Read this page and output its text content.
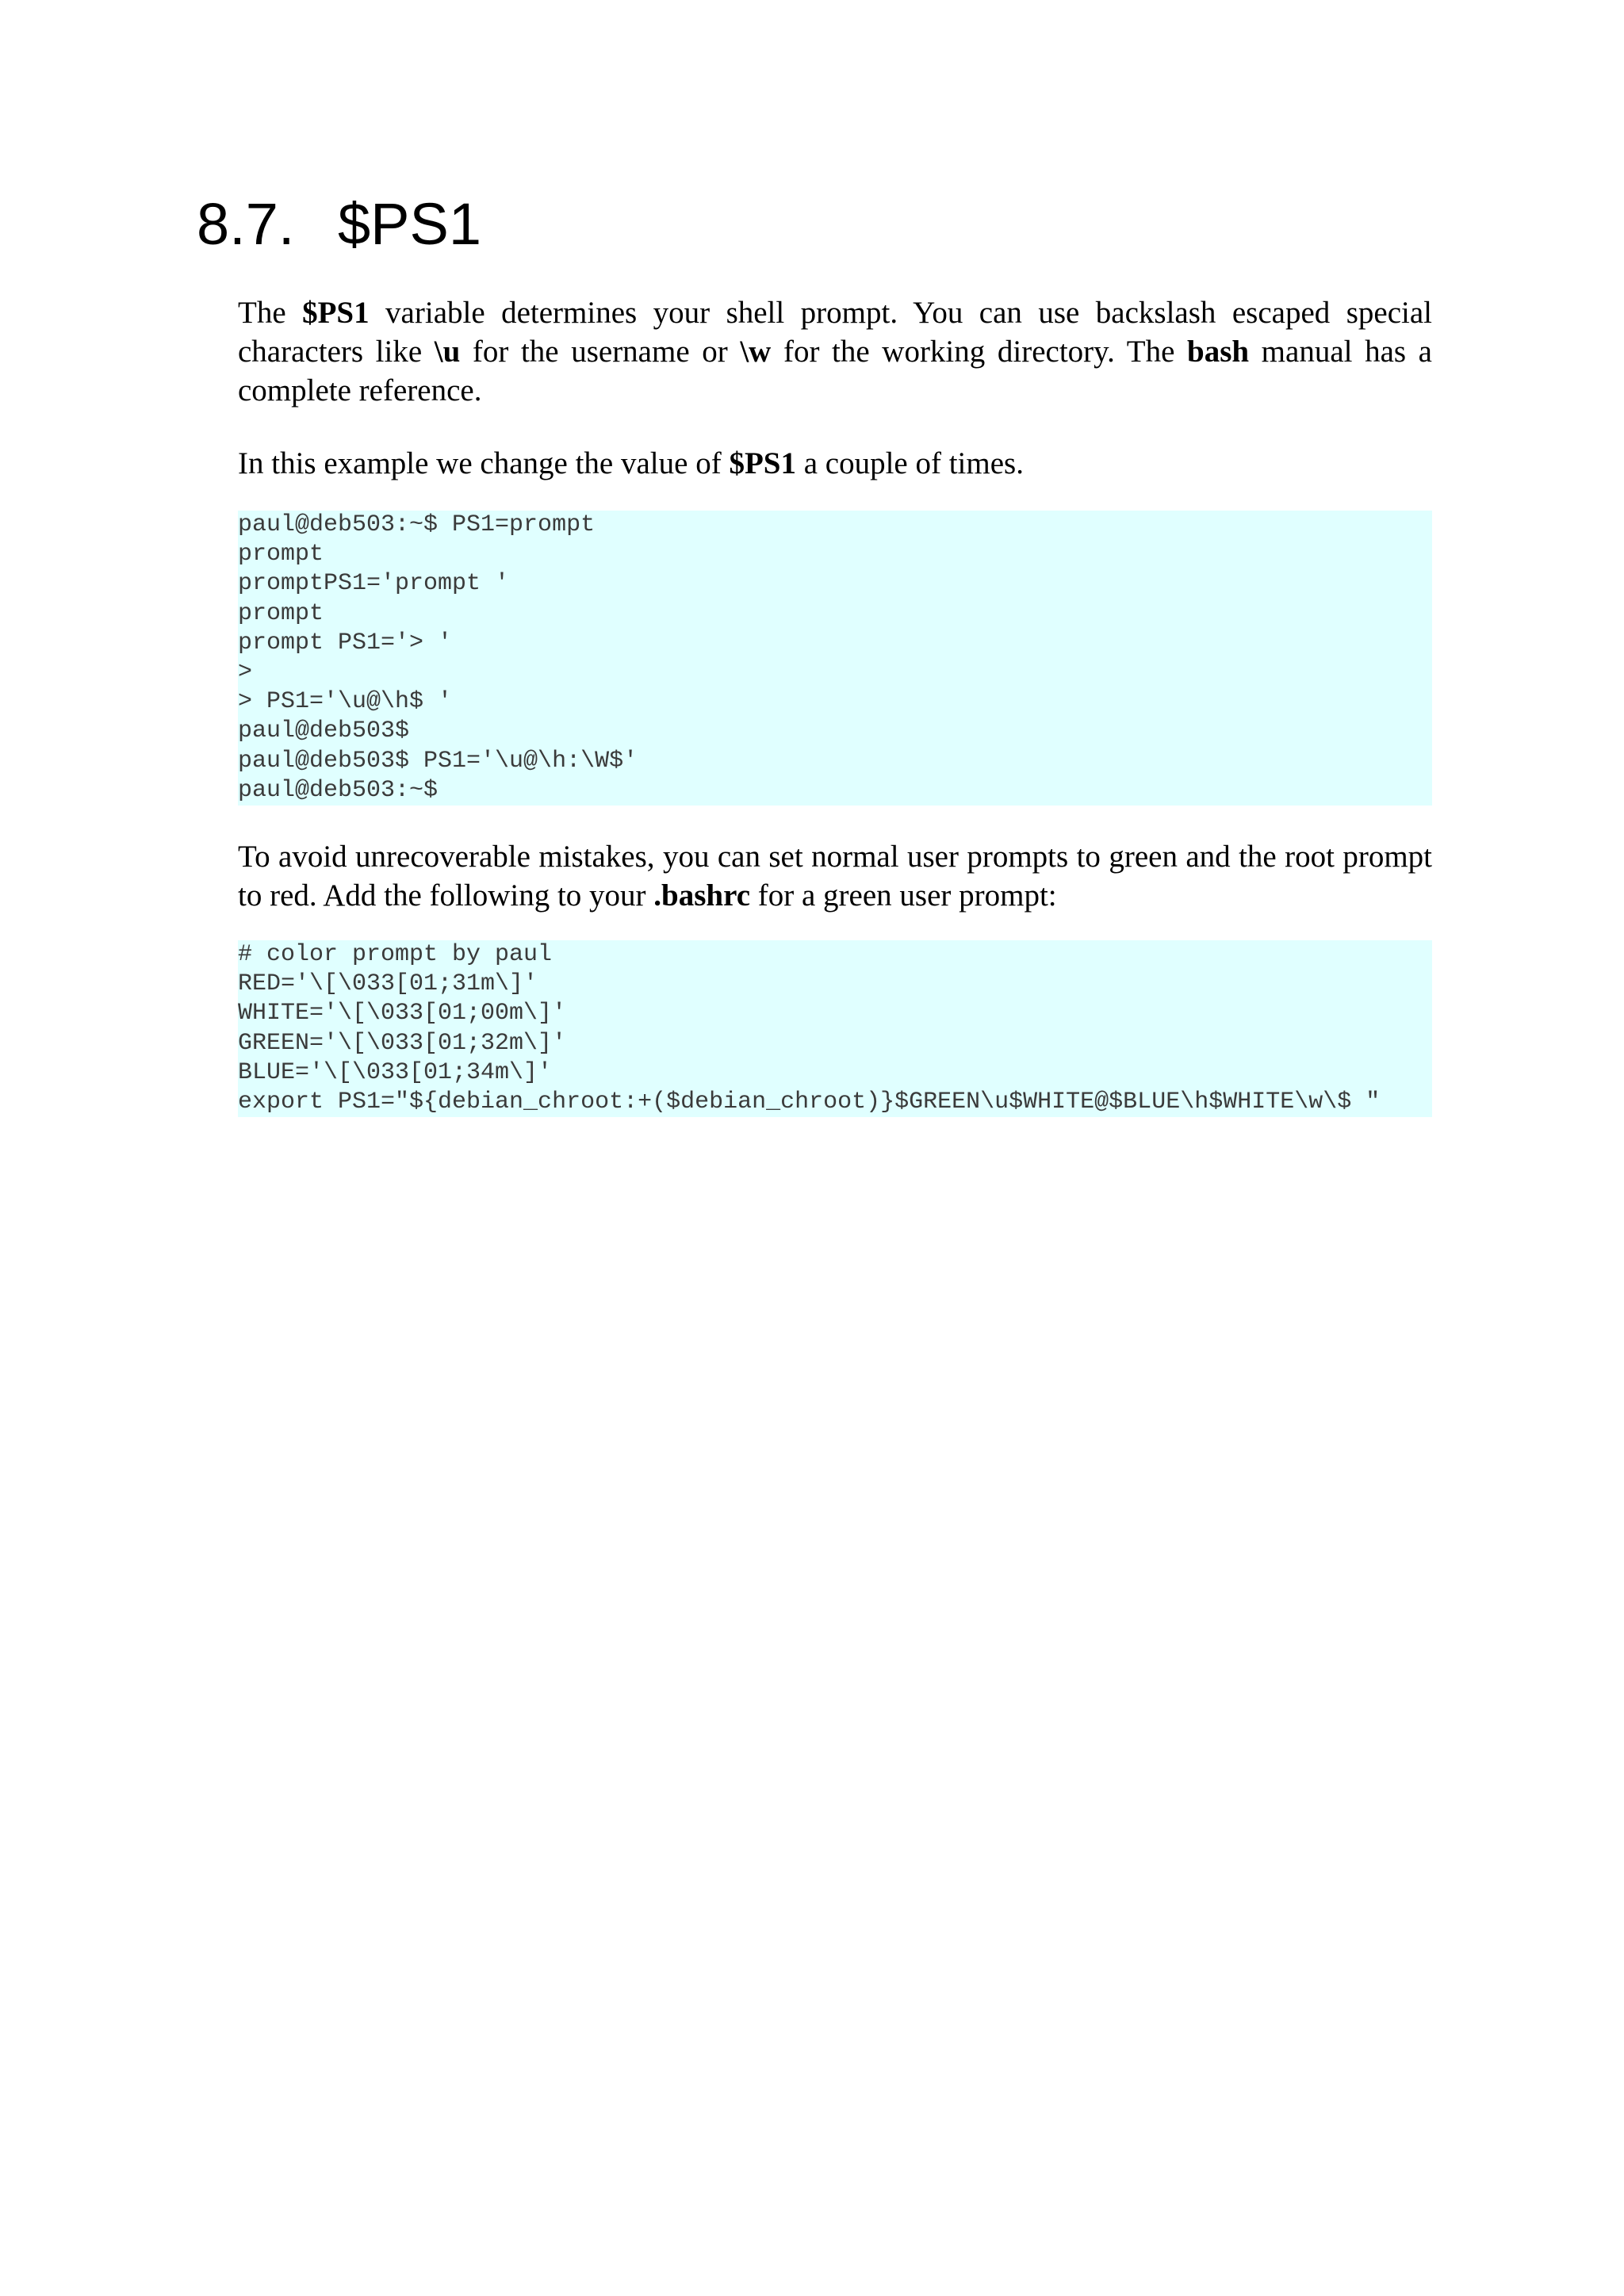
8.7. $PS1

The $PS1 variable determines your shell prompt. You can use backslash escaped special characters like \u for the username or \w for the working directory. The bash manual has a complete reference.

In this example we change the value of $PS1 a couple of times.

paul@deb503:~$ PS1=prompt
prompt
promptPS1='prompt '
prompt
prompt PS1='> '
>
> PS1='\u@\h$ '
paul@deb503$
paul@deb503$ PS1='\u@\h:\W$'
paul@deb503:~$

To avoid unrecoverable mistakes, you can set normal user prompts to green and the root prompt to red. Add the following to your .bashrc for a green user prompt:

# color prompt by paul
RED='\[\033[01;31m\]'
WHITE='\[\033[01;00m\]'
GREEN='\[\033[01;32m\]'
BLUE='\[\033[01;34m\]'
export PS1="${debian_chroot:+($debian_chroot)}$GREEN\u$WHITE@$BLUE\h$WHITE\w\$ "
